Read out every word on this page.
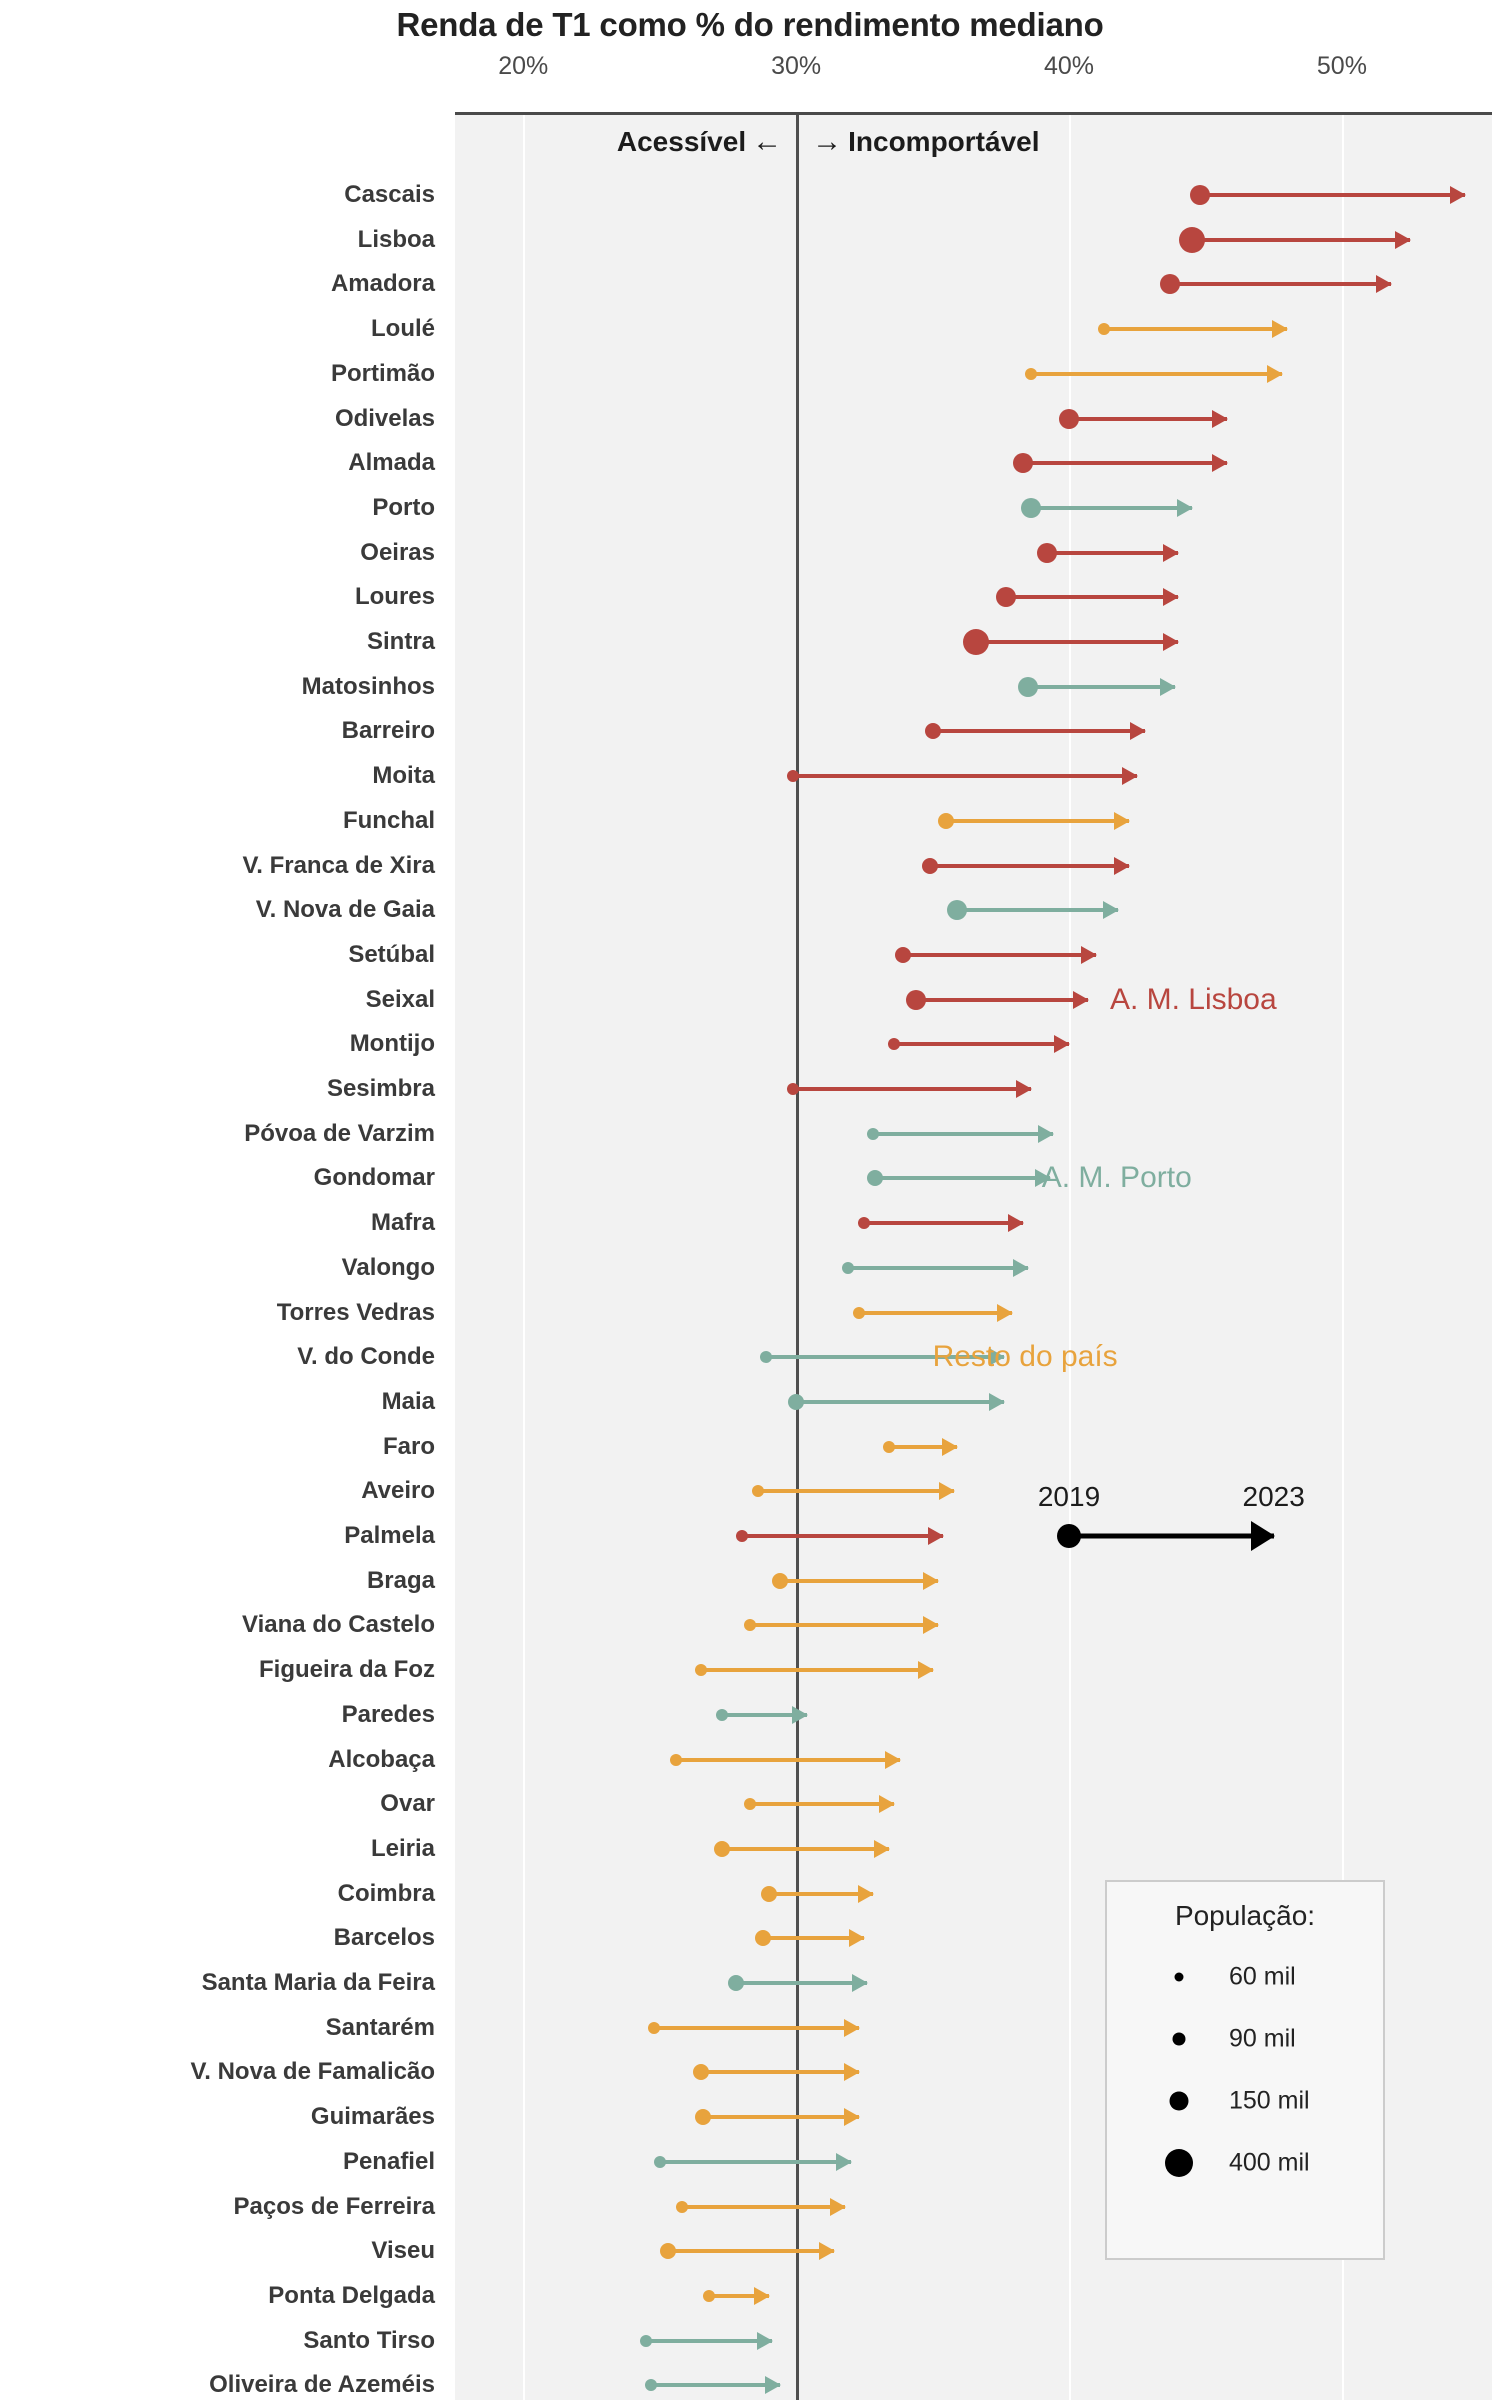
Renda de T1 como % do rendimento mediano
20%	30%	40%	50%
Acessível ← → Incomportável
Cascais
Lisboa
Amadora
Loulé
Portimão
Odivelas
Almada
Porto
Oeiras
Loures
Sintra
Matosinhos
Barreiro
Moita
Funchal
V. Franca de Xira
V. Nova de Gaia
Setúbal
Seixal
Montijo
Sesimbra
Póvoa de Varzim
Gondomar
Mafra
Valongo
Torres Vedras
V. do Conde
Maia
Faro
Aveiro
Palmela
Braga
Viana do Castelo
Figueira da Foz
Paredes
Alcobaça
Ovar
Leiria
Coimbra
Barcelos
Santa Maria da Feira
Santarém
V. Nova de Famalicão
Guimarães
Penafiel
Paços de Ferreira
Viseu
Ponta Delgada
Santo Tirso
Oliveira de Azeméis
A. M. Lisboa
A. M. Porto
Resto do país
2019	2023
População:
60 mil
90 mil
150 mil
400 mil
